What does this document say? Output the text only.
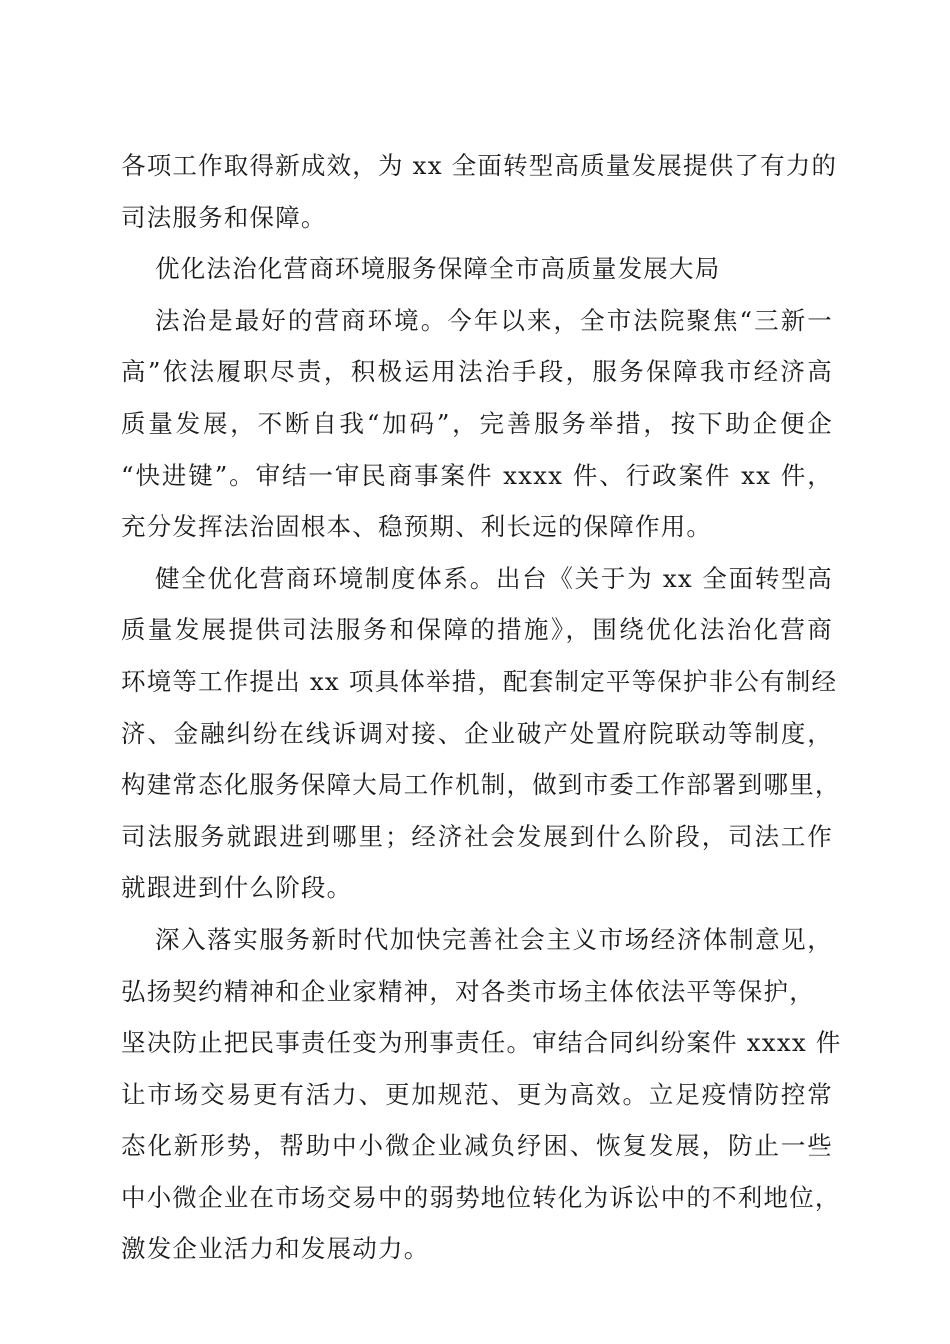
各项工作取得新成效，为 xx 全面转型高质量发展提供了有力的
司法服务和保障。
优化法治化营商环境服务保障全市高质量发展大局
法治是最好的营商环境。今年以来，全市法院聚焦“三新一
高”依法履职尽责，积极运用法治手段，服务保障我市经济高
质量发展，不断自我“加码”，完善服务举措，按下助企便企
“快进键”。审结一审民商事案件 xxxx 件、行政案件 xx 件，
充分发挥法治固根本、稳预期、利长远的保障作用。
健全优化营商环境制度体系。出台《关于为 xx 全面转型高
质量发展提供司法服务和保障的措施》，围绕优化法治化营商
环境等工作提出 xx 项具体举措，配套制定平等保护非公有制经
济、金融纠纷在线诉调对接、企业破产处置府院联动等制度，
构建常态化服务保障大局工作机制，做到市委工作部署到哪里，
司法服务就跟进到哪里；经济社会发展到什么阶段，司法工作
就跟进到什么阶段。
深入落实服务新时代加快完善社会主义市场经济体制意见，
弘扬契约精神和企业家精神，对各类市场主体依法平等保护，
坚决防止把民事责任变为刑事责任。审结合同纠纷案件 xxxx 件
让市场交易更有活力、更加规范、更为高效。立足疫情防控常
态化新形势，帮助中小微企业减负纾困、恢复发展，防止一些
中小微企业在市场交易中的弱势地位转化为诉讼中的不利地位，
激发企业活力和发展动力。
